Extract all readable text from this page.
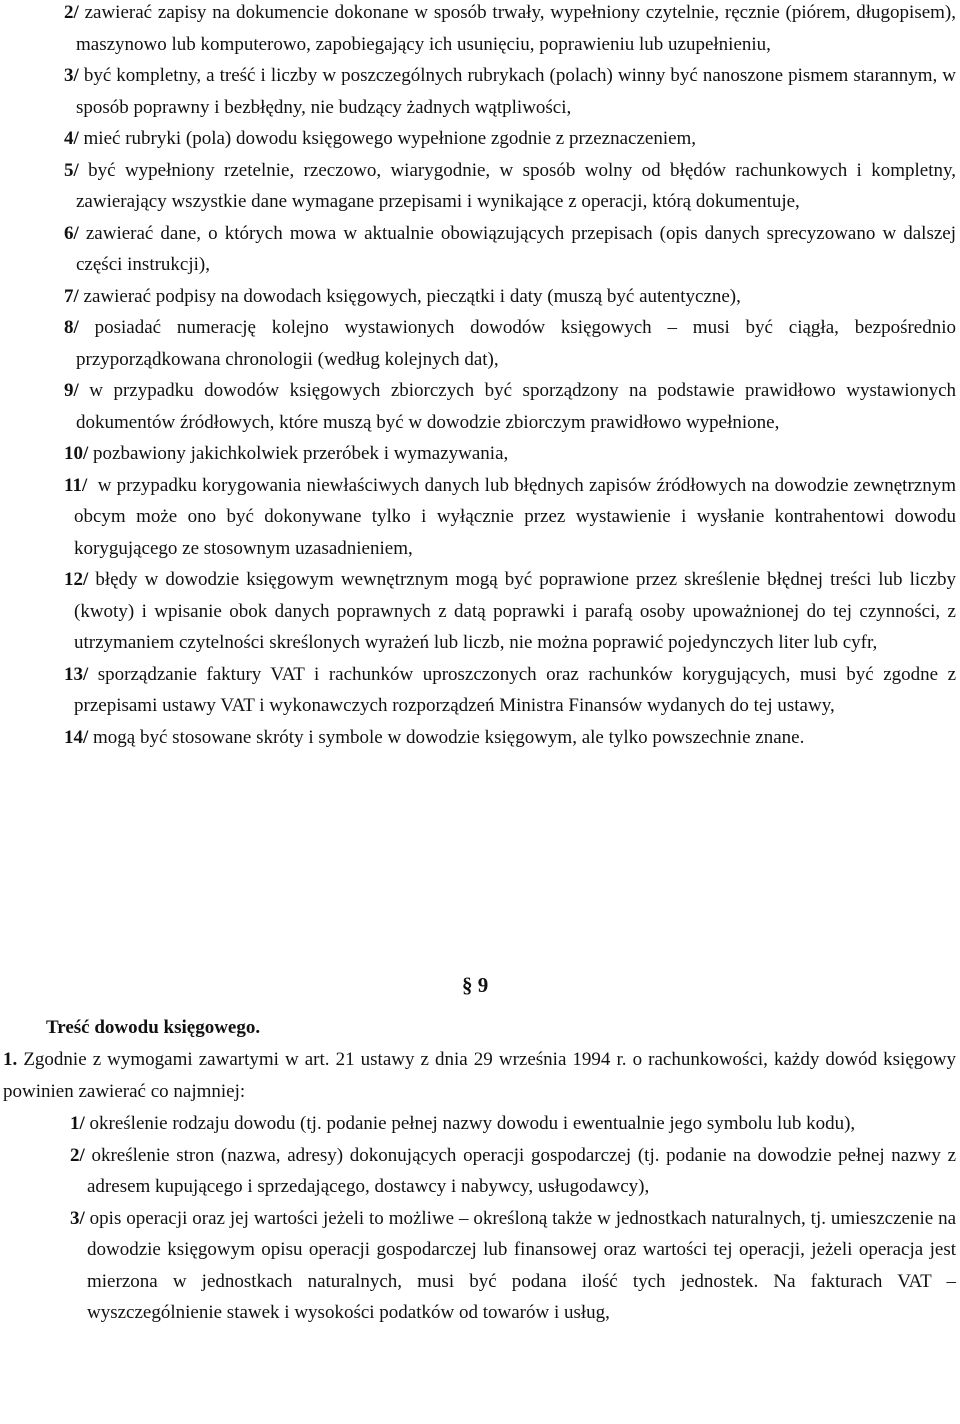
2/ zawierać zapisy na dokumencie dokonane w sposób trwały, wypełniony czytelnie, ręcznie (piórem, długopisem), maszynowo lub komputerowo, zapobiegający ich usunięciu, poprawieniu lub uzupełnieniu,
3/ być kompletny, a treść i liczby w poszczególnych rubrykach (polach) winny być nanoszone pismem starannym, w sposób poprawny i bezbłędny, nie budzący żadnych wątpliwości,
4/ mieć rubryki (pola) dowodu księgowego wypełnione zgodnie z przeznaczeniem,
5/ być wypełniony rzetelnie, rzeczowo, wiarygodnie, w sposób wolny od błędów rachunkowych i kompletny, zawierający wszystkie dane wymagane przepisami i wynikające z operacji, którą dokumentuje,
6/ zawierać dane, o których mowa w aktualnie obowiązujących przepisach (opis danych sprecyzowano w dalszej części instrukcji),
7/ zawierać podpisy na dowodach księgowych, pieczątki i daty (muszą być autentyczne),
8/ posiadać numerację kolejno wystawionych dowodów księgowych – musi być ciągła, bezpośrednio przyporządkowana chronologii (według kolejnych dat),
9/ w przypadku dowodów księgowych zbiorczych być sporządzony na podstawie prawidłowo wystawionych dokumentów źródłowych, które muszą być w dowodzie zbiorczym prawidłowo wypełnione,
10/ pozbawiony jakichkolwiek przeróbek i wymazywania,
11/ w przypadku korygowania niewłaściwych danych lub błędnych zapisów źródłowych na dowodzie zewnętrznym obcym może ono być dokonywane tylko i wyłącznie przez wystawienie i wysłanie kontrahentowi dowodu korygującego ze stosownym uzasadnieniem,
12/ błędy w dowodzie księgowym wewnętrznym mogą być poprawione przez skreślenie błędnej treści lub liczby (kwoty) i wpisanie obok danych poprawnych z datą poprawki i parafą osoby upoważnionej do tej czynności, z utrzymaniem czytelności skreślonych wyrażeń lub liczb, nie można poprawić pojedynczych liter lub cyfr,
13/ sporządzanie faktury VAT i rachunków uproszczonych oraz rachunków korygujących, musi być zgodne z przepisami ustawy VAT i wykonawczych rozporządzeń Ministra Finansów wydanych do tej ustawy,
14/ mogą być stosowane skróty i symbole w dowodzie księgowym, ale tylko powszechnie znane.
§ 9
Treść dowodu księgowego.
1. Zgodnie z wymogami zawartymi w art. 21 ustawy z dnia 29 września 1994 r. o rachunkowości, każdy dowód księgowy powinien zawierać co najmniej:
1/ określenie rodzaju dowodu (tj. podanie pełnej nazwy dowodu i ewentualnie jego symbolu lub kodu),
2/ określenie stron (nazwa, adresy) dokonujących operacji gospodarczej (tj. podanie na dowodzie pełnej nazwy z adresem kupującego i sprzedającego, dostawcy i nabywcy, usługodawcy),
3/ opis operacji oraz jej wartości jeżeli to możliwe – określoną także w jednostkach naturalnych, tj. umieszczenie na dowodzie księgowym opisu operacji gospodarczej lub finansowej oraz wartości tej operacji, jeżeli operacja jest mierzona w jednostkach naturalnych, musi być podana ilość tych jednostek. Na fakturach VAT – wyszczególnienie stawek i wysokości podatków od towarów i usług,
